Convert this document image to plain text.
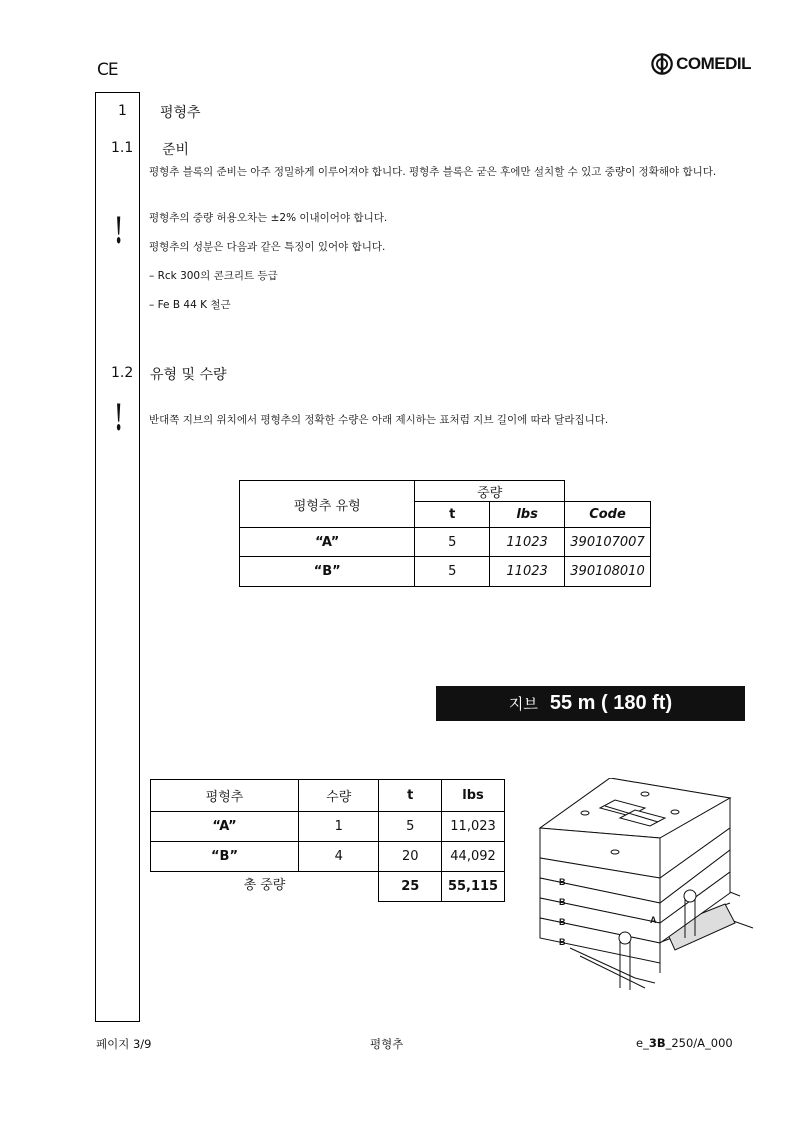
CE	COMEDIL
1 평형추
1.1 준비
평형추 블록의 준비는 아주 정밀하게 이루어져야 합니다. 평형추 블록은 굳은 후에만 설치할 수 있고 중량이 정확해야 합니다.
!	평형추의 중량 허용오차는 ±2% 이내이어야 합니다.
평형추의 성분은 다음과 같은 특징이 있어야 합니다.
– Rck 300의 콘크리트 등급
– Fe B 44 K 철근
1.2 유형 및 수량
!	반대쪽 지브의 위치에서 평형추의 정확한 수량은 아래 제시하는 표처럼 지브 길이에 따라 달라집니다.
평형추 유형	중량		
	t	lbs	Code
“A”	5	11023	390107007
“B”	5	11023	390108010
지브 55 m ( 180 ft)
평형추	수량	t	lbs
“A”	1	5	11,023
“B”	4	20	44,092
총 중량		25	55,115	B
B
B
B
A
페이지 3/9	평형추	e_3B_250/A_000
